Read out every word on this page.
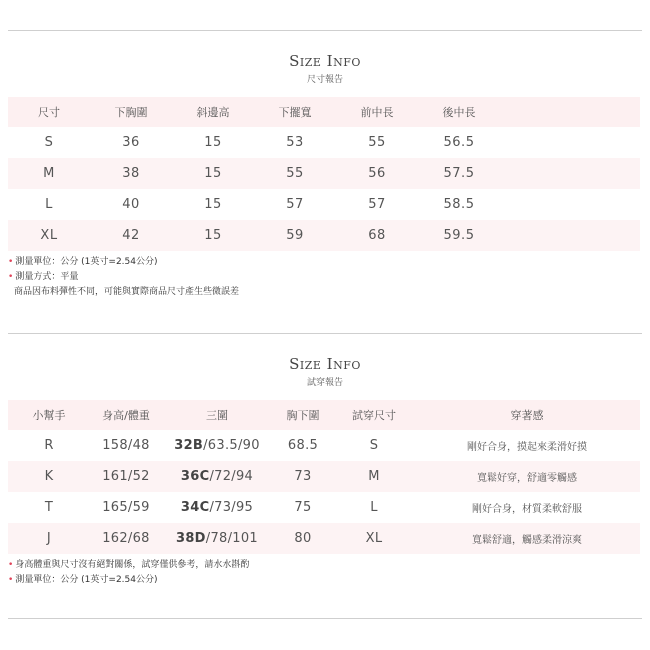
Size Info
尺寸報告
尺寸	下胸圍	斜邊高	下擺寬	前中長	後中長	
S	36	15	53	55	56.5	
M	38	15	55	56	57.5	
L	40	15	57	57	58.5	
XL	42	15	59	68	59.5	
• 測量單位：公分 (1英寸=2.54公分)
• 測量方式：平量
商品因布料彈性不同，可能與實際商品尺寸產生些微誤差
Size Info
試穿報告
小幫手	身高/體重	三圍	胸下圍	試穿尺寸	穿著感
R	158/48	32B/63.5/90	68.5	S	剛好合身，摸起來柔滑好摸
K	161/52	36C/72/94	73	M	寬鬆好穿，舒適零觸感
T	165/59	34C/73/95	75	L	剛好合身，材質柔軟舒服
J	162/68	38D/78/101	80	XL	寬鬆舒適，觸感柔滑涼爽
• 身高體重與尺寸沒有絕對關係，試穿僅供參考，請水水斟酌
• 測量單位：公分 (1英寸=2.54公分)
